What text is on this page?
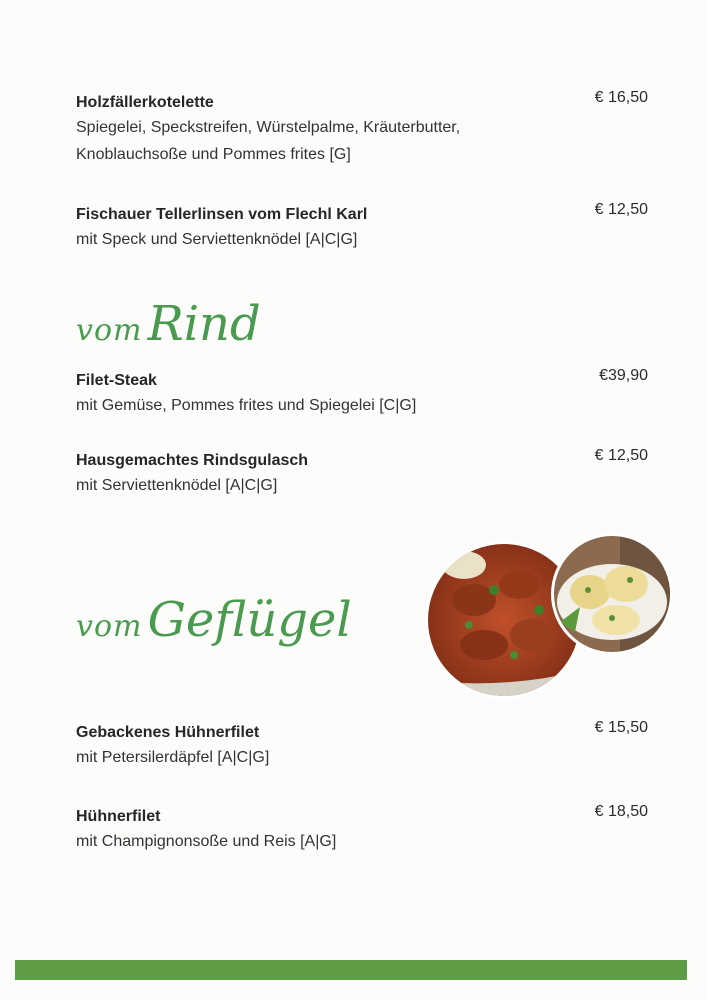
Holzfällerkotelette
Spiegelei, Speckstreifen, Würstelpalme, Kräuterbutter,
Knoblauchsoße und Pommes frites [G]
€ 16,50
Fischauer Tellerlinsen vom Flechl Karl
mit Speck und Serviettenknödel [A|C|G]
€ 12,50
vom Rind
Filet-Steak
mit Gemüse, Pommes frites und Spiegelei [C|G]
€39,90
Hausgemachtes Rindsgulasch
mit Serviettenknödel [A|C|G]
€ 12,50
vom Geflügel
Gebackenes Hühnerfilet
mit Petersilerdäpfel [A|C|G]
€ 15,50
Hühnerfilet
mit Champignonsoße und Reis [A|G]
€ 18,50
